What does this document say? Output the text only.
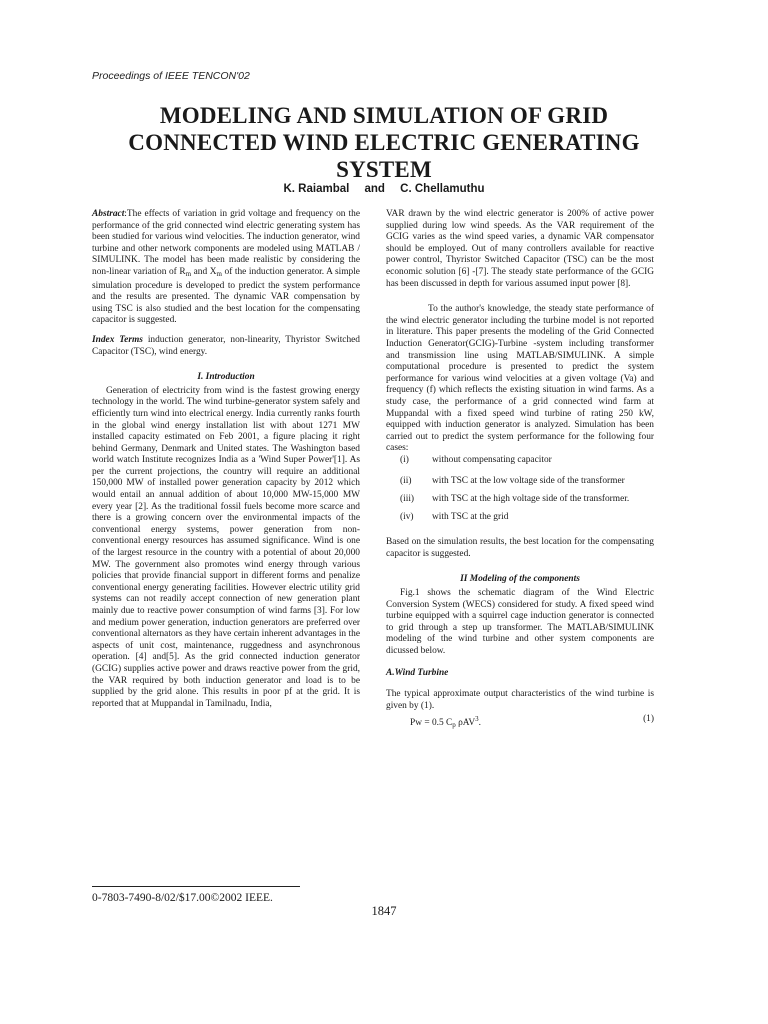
Proceedings of IEEE TENCON'02
MODELING AND SIMULATION OF GRID
CONNECTED WIND ELECTRIC GENERATING
SYSTEM
K. Raiambal and C. Chellamuthu

Abstract:The effects of variation in grid voltage and frequency on the performance of the grid connected wind electric generating system has been studied for various wind velocities. The induction generator, wind turbine and other network components are modeled using MATLAB / SIMULINK. The model has been made realistic by considering the non-linear variation of $R_m$ and $X_m$ of the induction generator. A simple simulation procedure is developed to predict the system performance and the results are presented. The dynamic VAR compensation by using TSC is also studied and the best location for the compensating capacitor is suggested.

Index Terms induction generator, non-linearity, Thyristor Switched Capacitor (TSC), wind energy.

I. Introduction

Generation of electricity from wind is the fastest growing energy technology in the world. The wind turbine-generator system safely and efficiently turn wind into electrical energy. India currently ranks fourth in the global wind energy installation list with about 1271 MW installed capacity estimated on Feb 2001, a figure placing it right behind Germany, Denmark and United states. The Washington based world watch Institute recognizes India as a 'Wind Super Power'[1]. As per the current projections, the country will require an additional 150,000 MW of installed power generation capacity by 2012 which would entail an annual addition of about 10,000 MW-15,000 MW every year [2]. As the traditional fossil fuels become more scarce and there is a growing concern over the environmental impacts of the conventional energy systems, power generation from non- conventional energy resources has assumed significance. Wind is one of the largest resource in the country with a potential of about 20,000 MW. The government also promotes wind energy through various policies that provide financial support in different forms and penalize conventional energy generating facilities. However electric utility grid systems can not readily accept connection of new generation plant mainly due to reactive power consumption of wind farms [3]. For low and medium power generation, induction generators are preferred over conventional alternators as they have certain inherent advantages in the aspects of unit cost, maintenance, ruggedness and asynchronous operation. [4] and[5]. As the grid connected induction generator (GCIG) supplies active power and draws reactive power from the grid, the VAR required by both induction generator and load is to be supplied by the grid alone. This results in poor pf at the grid. It is reported that at Muppandal in Tamilnadu, India,

VAR drawn by the wind electric generator is 200% of active power supplied during low wind speeds. As the VAR requirement of the GCIG varies as the wind speed varies, a dynamic VAR compensator should be employed. Out of many controllers available for reactive power control, Thyristor Switched Capacitor (TSC) can be the most economic solution [6] -[7]. The steady state performance of the GCIG has been discussed in depth for various assumed input power [8].

To the author's knowledge, the steady state performance of the wind electric generator including the turbine model is not reported in literature. This paper presents the modeling of the Grid Connected Induction Generator(GCIG)-Turbine -system including transformer and transmission line using MATLAB/SIMULINK. A simple computational procedure is presented to predict the system performance for various wind velocities at a given voltage (Va) and frequency (f) which reflects the existing situation in wind farms. As a study case, the performance of a grid connected wind farm at Muppandal with a fixed speed wind turbine of rating 250 kW, equipped with induction generator is analyzed. Simulation has been carried out to predict the system performance for the following four cases:

(i)	without compensating capacitor
(ii)	with TSC at the low voltage side of the transformer
(iii)	with TSC at the high voltage side of the transformer.
(iv)	with TSC at the grid

Based on the simulation results, the best location for the compensating capacitor is suggested.

II Modeling of the components

Fig.1 shows the schematic diagram of the Wind Electric Conversion System (WECS) considered for study. A fixed speed wind turbine equipped with a squirrel cage induction generator is connected to grid through a step up transformer. The MATLAB/SIMULINK modeling of the wind turbine and other system components are dicussed below.

A.Wind Turbine

The typical approximate output characteristics of the wind turbine is given by (1).

Pw = 0.5 $C_p$ ρAV$^3$.	(1)
0-7803-7490-8/02/$17.00©2002 IEEE.
1847
